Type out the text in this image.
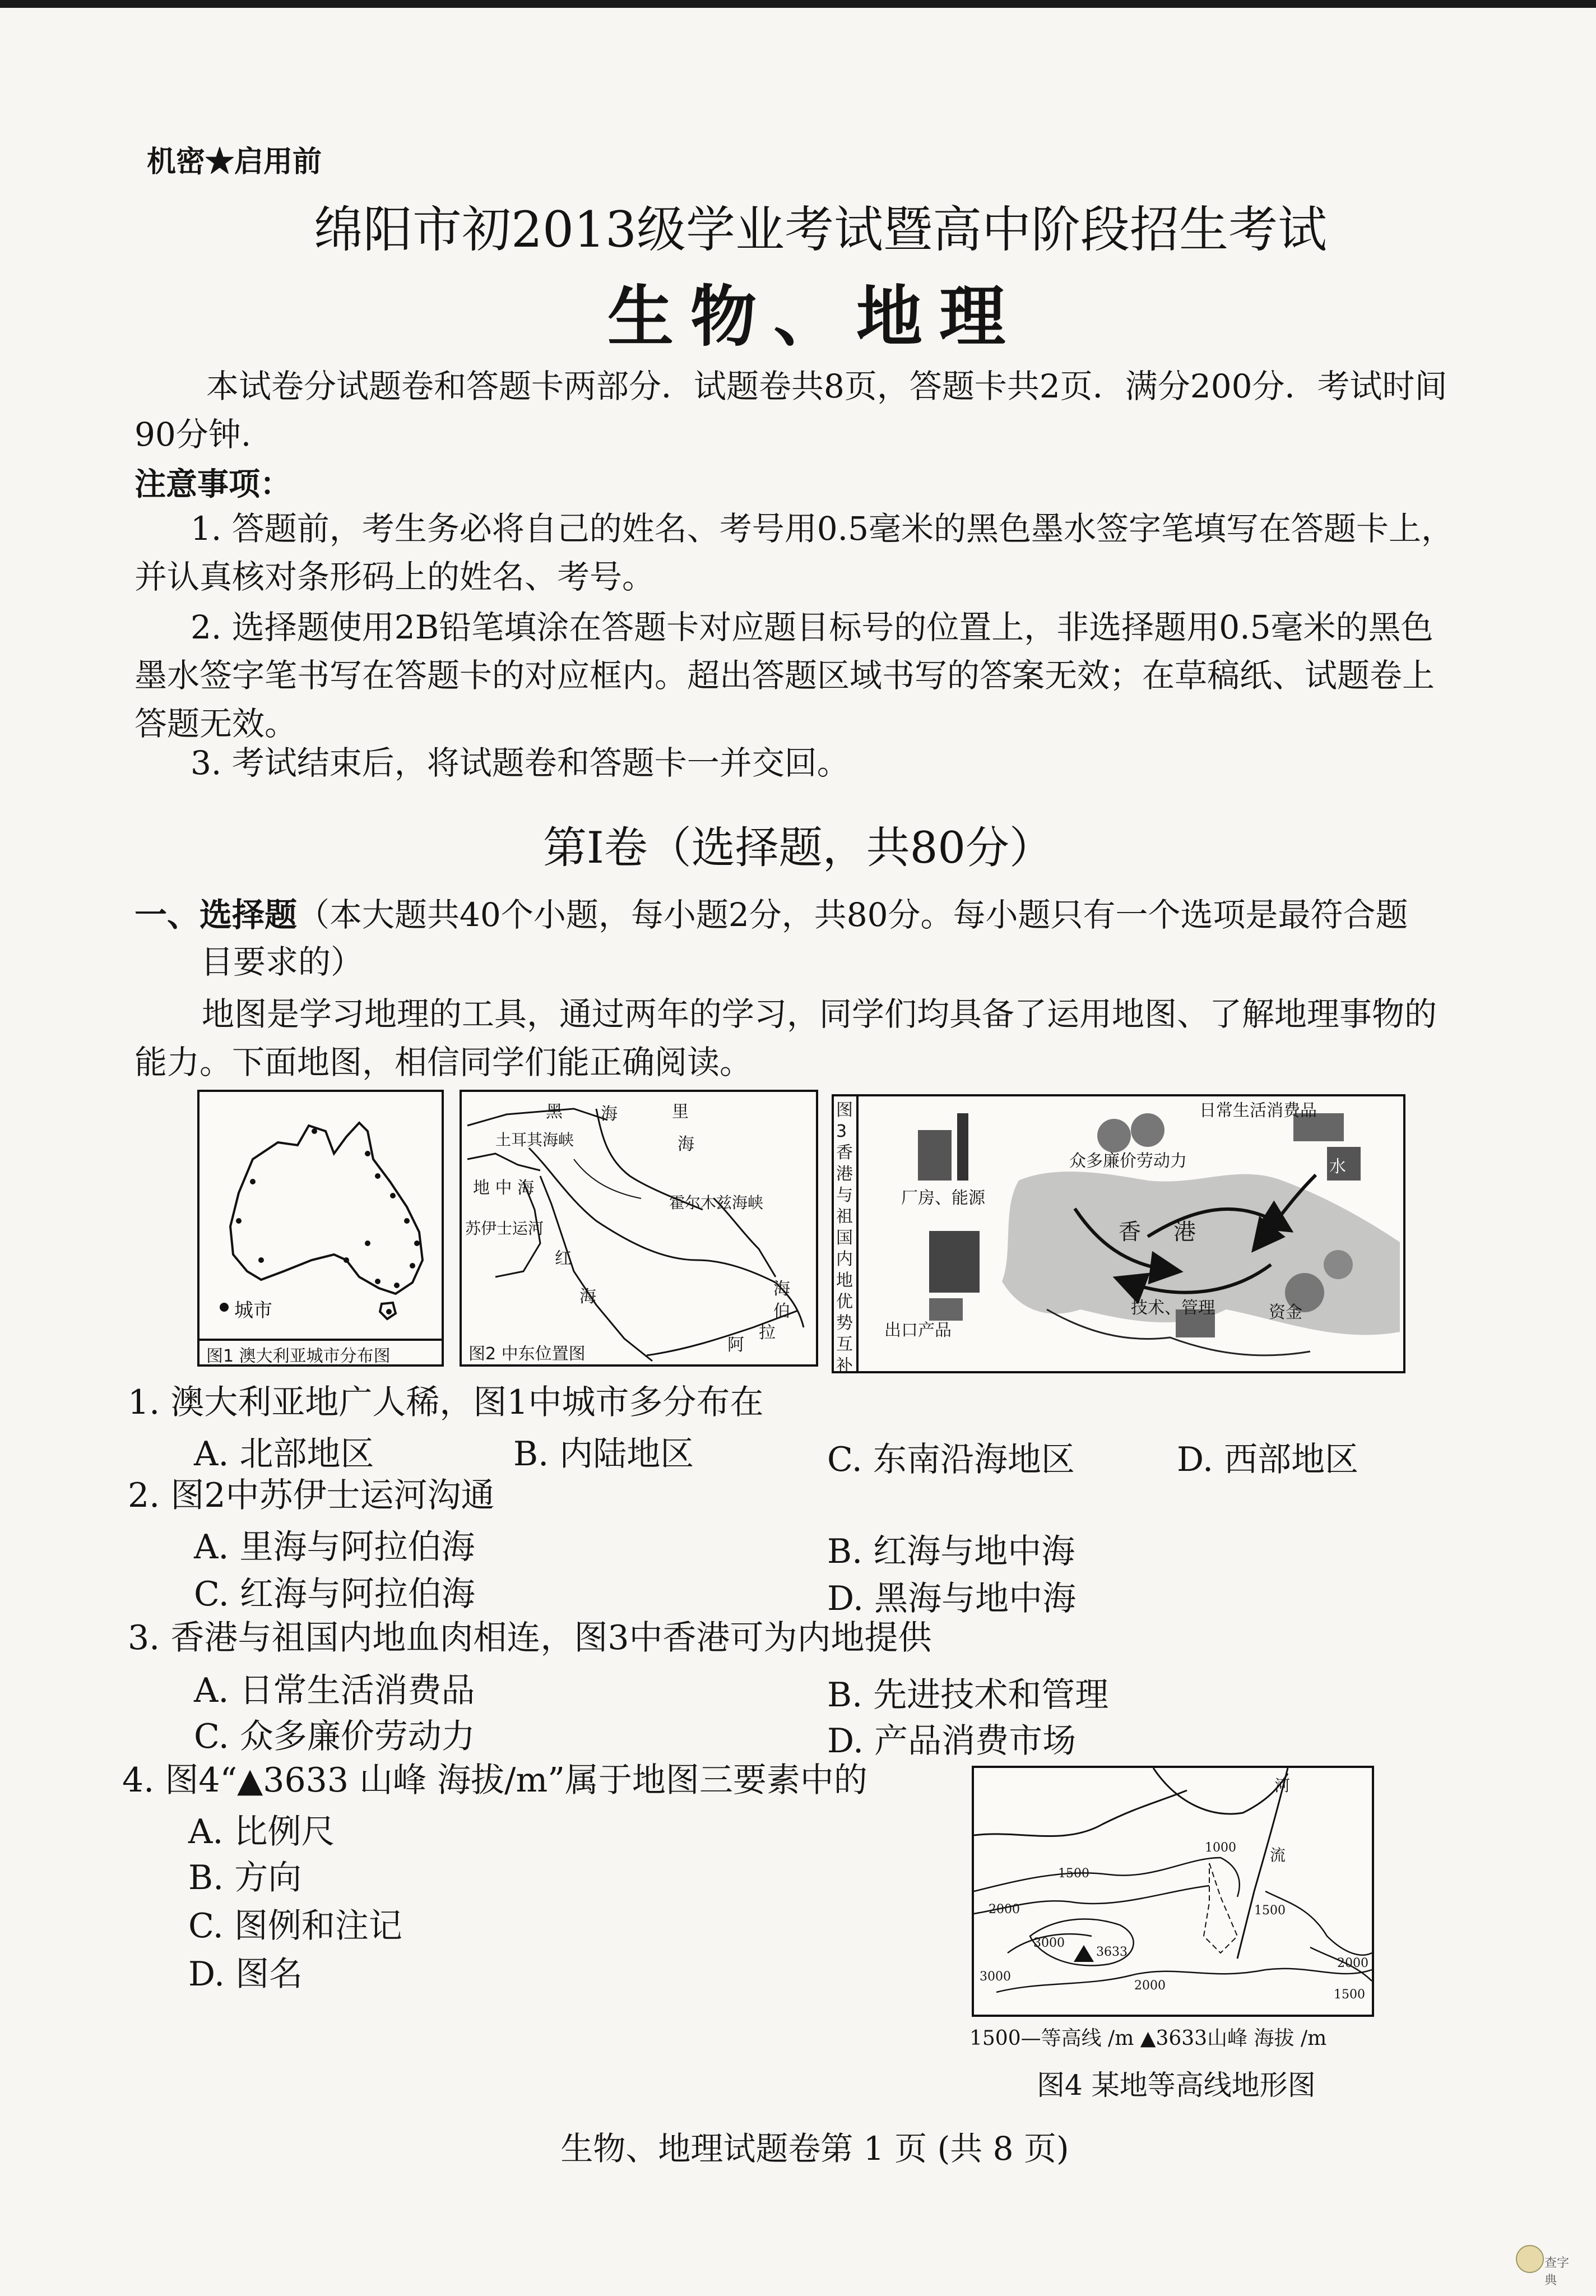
机密★启用前
绵阳市初2013级学业考试暨高中阶段招生考试
生物、地理
本试卷分试题卷和答题卡两部分．试题卷共8页，答题卡共2页．满分200分．考试时间90分钟.
注意事项：
1. 答题前，考生务必将自己的姓名、考号用0.5毫米的黑色墨水签字笔填写在答题卡上，并认真核对条形码上的姓名、考号。
2. 选择题使用2B铅笔填涂在答题卡对应题目标号的位置上，非选择题用0.5毫米的黑色墨水签字笔书写在答题卡的对应框内。超出答题区域书写的答案无效；在草稿纸、试题卷上答题无效。
3. 考试结束后，将试题卷和答题卡一并交回。
第Ⅰ卷（选择题，共80分）
一、选择题（本大题共40个小题，每小题2分，共80分。每小题只有一个选项是最符合题
目要求的）
地图是学习地理的工具，通过两年的学习，同学们均具备了运用地图、了解地理事物的能力。下面地图，相信同学们能正确阅读。
城市
图1 澳大利亚城市分布图
黑 海	里
海
土耳其海峡
地 中 海
苏伊士运河
红
海
霍尔木兹海峡
海
伯
阿
拉
图2 中东位置图
图3香港与祖国内地优势互补
日常生活消费品
众多廉价劳动力
厂房、能源
香 港
出口产品
技术、管理	资金
水
1. 澳大利亚地广人稀，图1中城市多分布在
A. 北部地区	B. 内陆地区	C. 东南沿海地区	D. 西部地区
2. 图2中苏伊士运河沟通
A. 里海与阿拉伯海	B. 红海与地中海
C. 红海与阿拉伯海	D. 黑海与地中海
3. 香港与祖国内地血肉相连，图3中香港可为内地提供
A. 日常生活消费品	B. 先进技术和管理
C. 众多廉价劳动力	D. 产品消费市场
4. 图4“▲3633 山峰 海拔/m”属于地图三要素中的
A. 比例尺
B. 方向
C. 图例和注记
D. 图名
河
流
1000
1500
1500
2000
3000
3633
2000
2000
1500
3000
1500—等高线 /m ▲3633山峰 海拔 /m
图4 某地等高线地形图
生物、地理试题卷第 1 页 (共 8 页)
查字典
